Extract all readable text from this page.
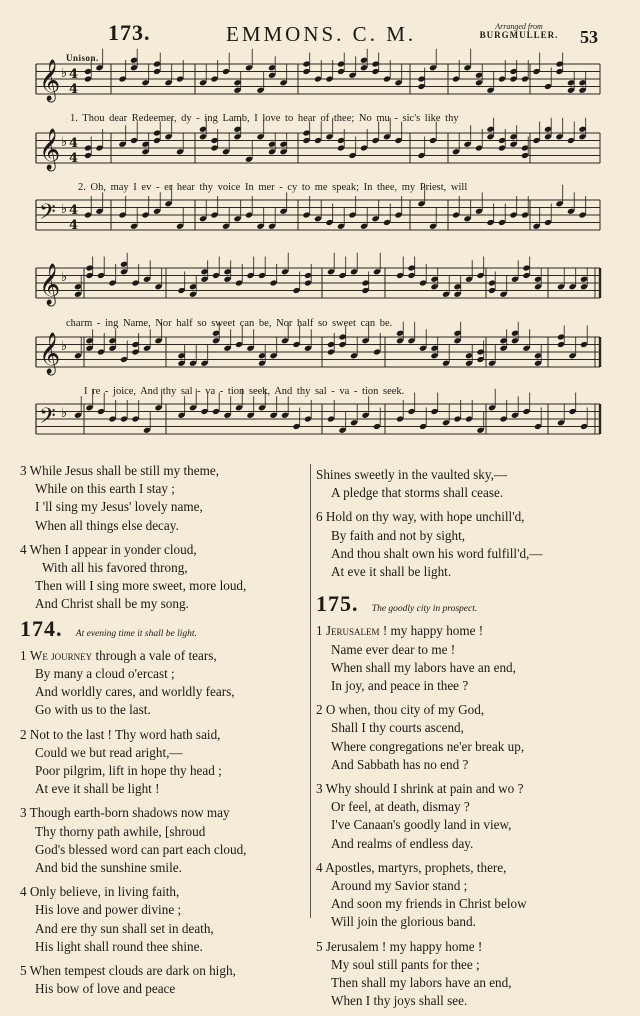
173.	EMMONS. C. M.	Arranged from
BURGMULLER. 53
Unison.
𝄞 ♭ 4
4
𝄞 ♭ 4
4
𝄢 ♭ 4
4
𝄞 ♭
𝄞 ♭
𝄢 ♭
1. Thou dear Redeemer, dy - ing Lamb, I love to hear of thee; No mu - sic's like thy
2. Oh, may I ev - er hear thy voice In mer - cy to me speak; In thee, my Priest, will
charm - ing Name, Nor half so sweet can be, Nor half so sweet can be.
I re - joice, And thy sal - va - tion seek, And thy sal - va - tion seek.
3 While Jesus shall be still my theme,
While on this earth I stay ;
I 'll sing my Jesus' lovely name,
When all things else decay.
4 When I appear in yonder cloud,
With all his favored throng,
Then will I sing more sweet, more loud,
And Christ shall be my song.
174. At evening time it shall be light.
1 We journey through a vale of tears,
By many a cloud o'ercast ;
And worldly cares, and worldly fears,
Go with us to the last.
2 Not to the last ! Thy word hath said,
Could we but read aright,—
Poor pilgrim, lift in hope thy head ;
At eve it shall be light !
3 Though earth-born shadows now may
Thy thorny path awhile, [shroud
God's blessed word can part each cloud,
And bid the sunshine smile.
4 Only believe, in living faith,
His love and power divine ;
And ere thy sun shall set in death,
His light shall round thee shine.
5 When tempest clouds are dark on high,
His bow of love and peace
Shines sweetly in the vaulted sky,—
A pledge that storms shall cease.
6 Hold on thy way, with hope unchill'd,
By faith and not by sight,
And thou shalt own his word fulfill'd,—
At eve it shall be light.
175. The goodly city in prospect.
1 Jerusalem ! my happy home !
Name ever dear to me !
When shall my labors have an end,
In joy, and peace in thee ?
2 O when, thou city of my God,
Shall I thy courts ascend,
Where congregations ne'er break up,
And Sabbath has no end ?
3 Why should I shrink at pain and wo ?
Or feel, at death, dismay ?
I've Canaan's goodly land in view,
And realms of endless day.
4 Apostles, martyrs, prophets, there,
Around my Savior stand ;
And soon my friends in Christ below
Will join the glorious band.
5 Jerusalem ! my happy home !
My soul still pants for thee ;
Then shall my labors have an end,
When I thy joys shall see.
